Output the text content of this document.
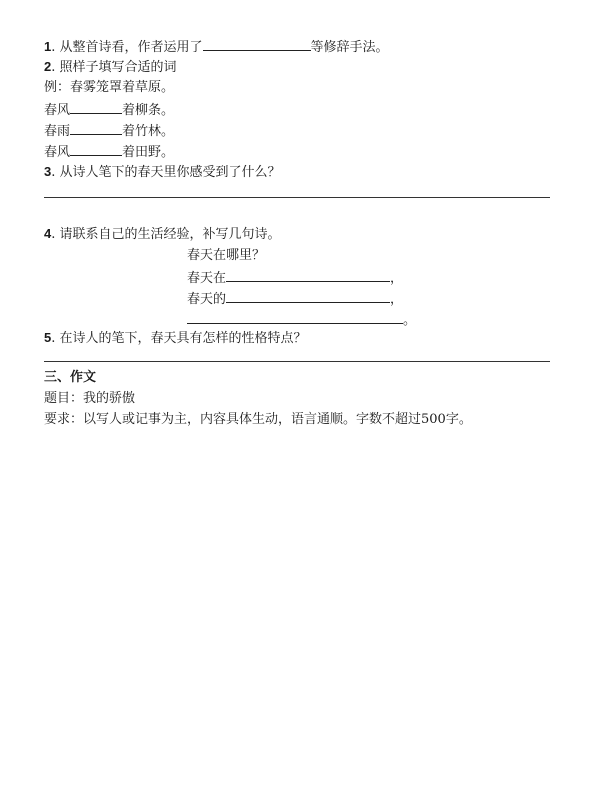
1. 从整首诗看，作者运用了	等修辞手法。
2. 照样子填写合适的词
例：春雾笼罩着草原。
春风	着柳条。
春雨	着竹林。
春风	着田野。
3. 从诗人笔下的春天里你感受到了什么？
4. 请联系自己的生活经验，补写几句诗。
春天在哪里？
春天在	，
春天的	，
。
5. 在诗人的笔下，春天具有怎样的性格特点？
三、作文
题目：我的骄傲
要求：以写人或记事为主，内容具体生动，语言通顺。字数不超过500字。
